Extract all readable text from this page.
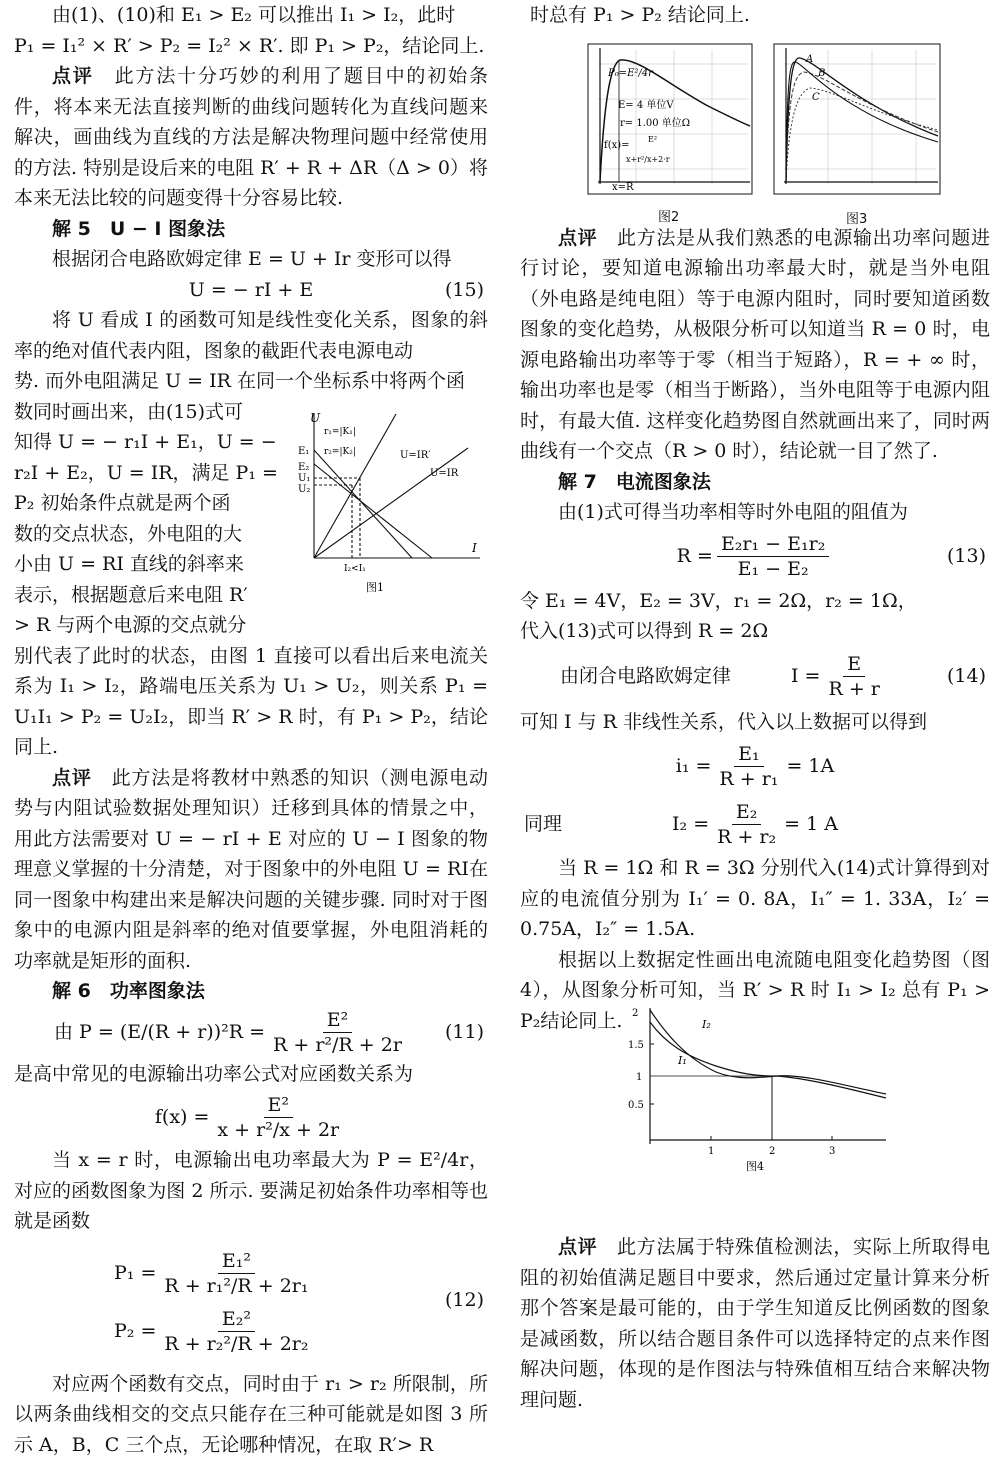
由(1)、(10)和 E₁ > E₂ 可以推出 I₁ > I₂，此时

P₁ = I₁² × R′ > P₂ = I₂² × R′. 即 P₁ > P₂，结论同上.

点评　 此方法十分巧妙的利用了题目中的初始条件，将本来无法直接判断的曲线问题转化为直线问题来解决，画曲线为直线的方法是解决物理问题中经常使用的方法. 特别是设后来的电阻 R′ + R + ΔR（Δ > 0）将本来无法比较的问题变得十分容易比较.

解 5　U − I 图象法

根据闭合电路欧姆定律 E = U + Ir 变形可以得

U = − rI + E	(15)

将 U 看成 I 的函数可知是线性变化关系，图象的斜率的绝对值代表内阻，图象的截距代表电源电动

势. 而外电阻满足 U = IR 在同一个坐标系中将两个函

数同时画出来，由(15)式可

知得 U = − r₁I + E₁，U = −

r₂I + E₂，U = IR，满足 P₁ =

P₂ 初始条件点就是两个函

数的交点状态，外电阻的大

小由 U = RI 直线的斜率来

表示，根据题意后来电阻 R′

> R 与两个电源的交点就分

别代表了此时的状态，由图 1 直接可以看出后来电流关系为 I₁ > I₂，路端电压关系为 U₁ > U₂，则关系 P₁ = U₁I₁ > P₂ = U₂I₂，即当 R′ > R 时，有 P₁ > P₂，结论同上.

点评　 此方法是将教材中熟悉的知识（测电源电动势与内阻试验数据处理知识）迁移到具体的情景之中，用此方法需要对 U = − rI + E 对应的 U − I 图象的物理意义掌握的十分清楚，对于图象中的外电阻 U = RI在同一图象中构建出来是解决问题的关键步骤. 同时对于图象中的电源内阻是斜率的绝对值要掌握，外电阻消耗的功率就是矩形的面积.

解 6　功率图象法

由 $P = (E/(R + r))^2R = \frac{\text{E²}}{\text{R + r²/R + 2r}} (11)$

是高中常见的电源输出功率公式对应函数关系为

$f(x) = \frac{\text{E²}}{\text{x + r²/x + 2r}}$

当 x = r 时，电源输出电功率最大为 P = E²/4r，对应的函数图象为图 2 所示. 要满足初始条件功率相等也就是函数

$P_1 = \frac{\text{E₁²}}{\text{R + r₁²/R + 2r₁}}$
$P_2 = \frac{\text{E₂²}}{\text{R + r₂²/R + 2r₂}}$
(12)

对应两个函数有交点，同时由于 r₁ > r₂ 所限制，所以两条曲线相交的交点只能存在三种可能就是如图 3 所示 A，B，C 三个点，无论哪种情况，在取 R′> R

U
I
E₁
E₂
U₁
U₂
r₁=|K₁|
r₂=|K₂|	U=IR′
U=IR
I₂<I₁
图1

时总有 P₁ > P₂ 结论同上.

点评　 此方法是从我们熟悉的电源输出功率问题进行讨论，要知道电源输出功率最大时，就是当外电阻（外电路是纯电阻）等于电源内阻时，同时要知道函数图象的变化趋势，从极限分析可以知道当 R = 0 时，电源电路输出功率等于零（相当于短路），R = + ∞ 时，输出功率也是零（相当于断路），当外电阻等于电源内阻时，有最大值. 这样变化趋势图自然就画出来了，同时两曲线有一个交点（R > 0 时），结论就一目了然了.

解 7　电流图象法

由(1)式可得当功率相等时外电阻的阻值为

$R = \frac{\text{E₂r₁ − E₁r₂}}{\text{E₁ − E₂}}$	(13)

令 E₁ = 4V，E₂ = 3V，r₁ = 2Ω，r₂ = 1Ω，

代入(13)式可以得到 R = 2Ω

由闭合电路欧姆定律	$I = \frac{E}{R + r}$	(14)

可知 I 与 R 非线性关系，代入以上数据可以得到

$i_1 = \frac{\text{E₁}}{\text{R + r₁}} = 1A$
同理	$I_2 = \frac{\text{E₂}}{\text{R + r₂}} = 1$ A

当 R = 1Ω 和 R = 3Ω 分别代入(14)式计算得到对应的电流值分别为 I₁′ = 0. 8A，I₁″ = 1. 33A，I₂′ = 0.75A，I₂″ = 1.5A.

根据以上数据定性画出电流随电阻变化趋势图（图4），从图象分析可知，当 R′ > R 时 I₁ > I₂ 总有 P₁ > P₂结论同上.

点评　 此方法属于特殊值检测法，实际上所取得电阻的初始值满足题目中要求，然后通过定量计算来分析那个答案是最可能的，由于学生知道反比例函数的图象是减函数，所以结合题目条件可以选择特定的点来作图解决问题，体现的是作图法与特殊值相互结合来解决物理问题.

P₀=E²/4r
E= 4 单位V
r= 1.00 单位Ω
f(x)=
E²
x+r²/x+2·r
x=R
图2
A
B
C
图3
I₂
I₁
2
1.5
1
0.5
1	2	3
图4
